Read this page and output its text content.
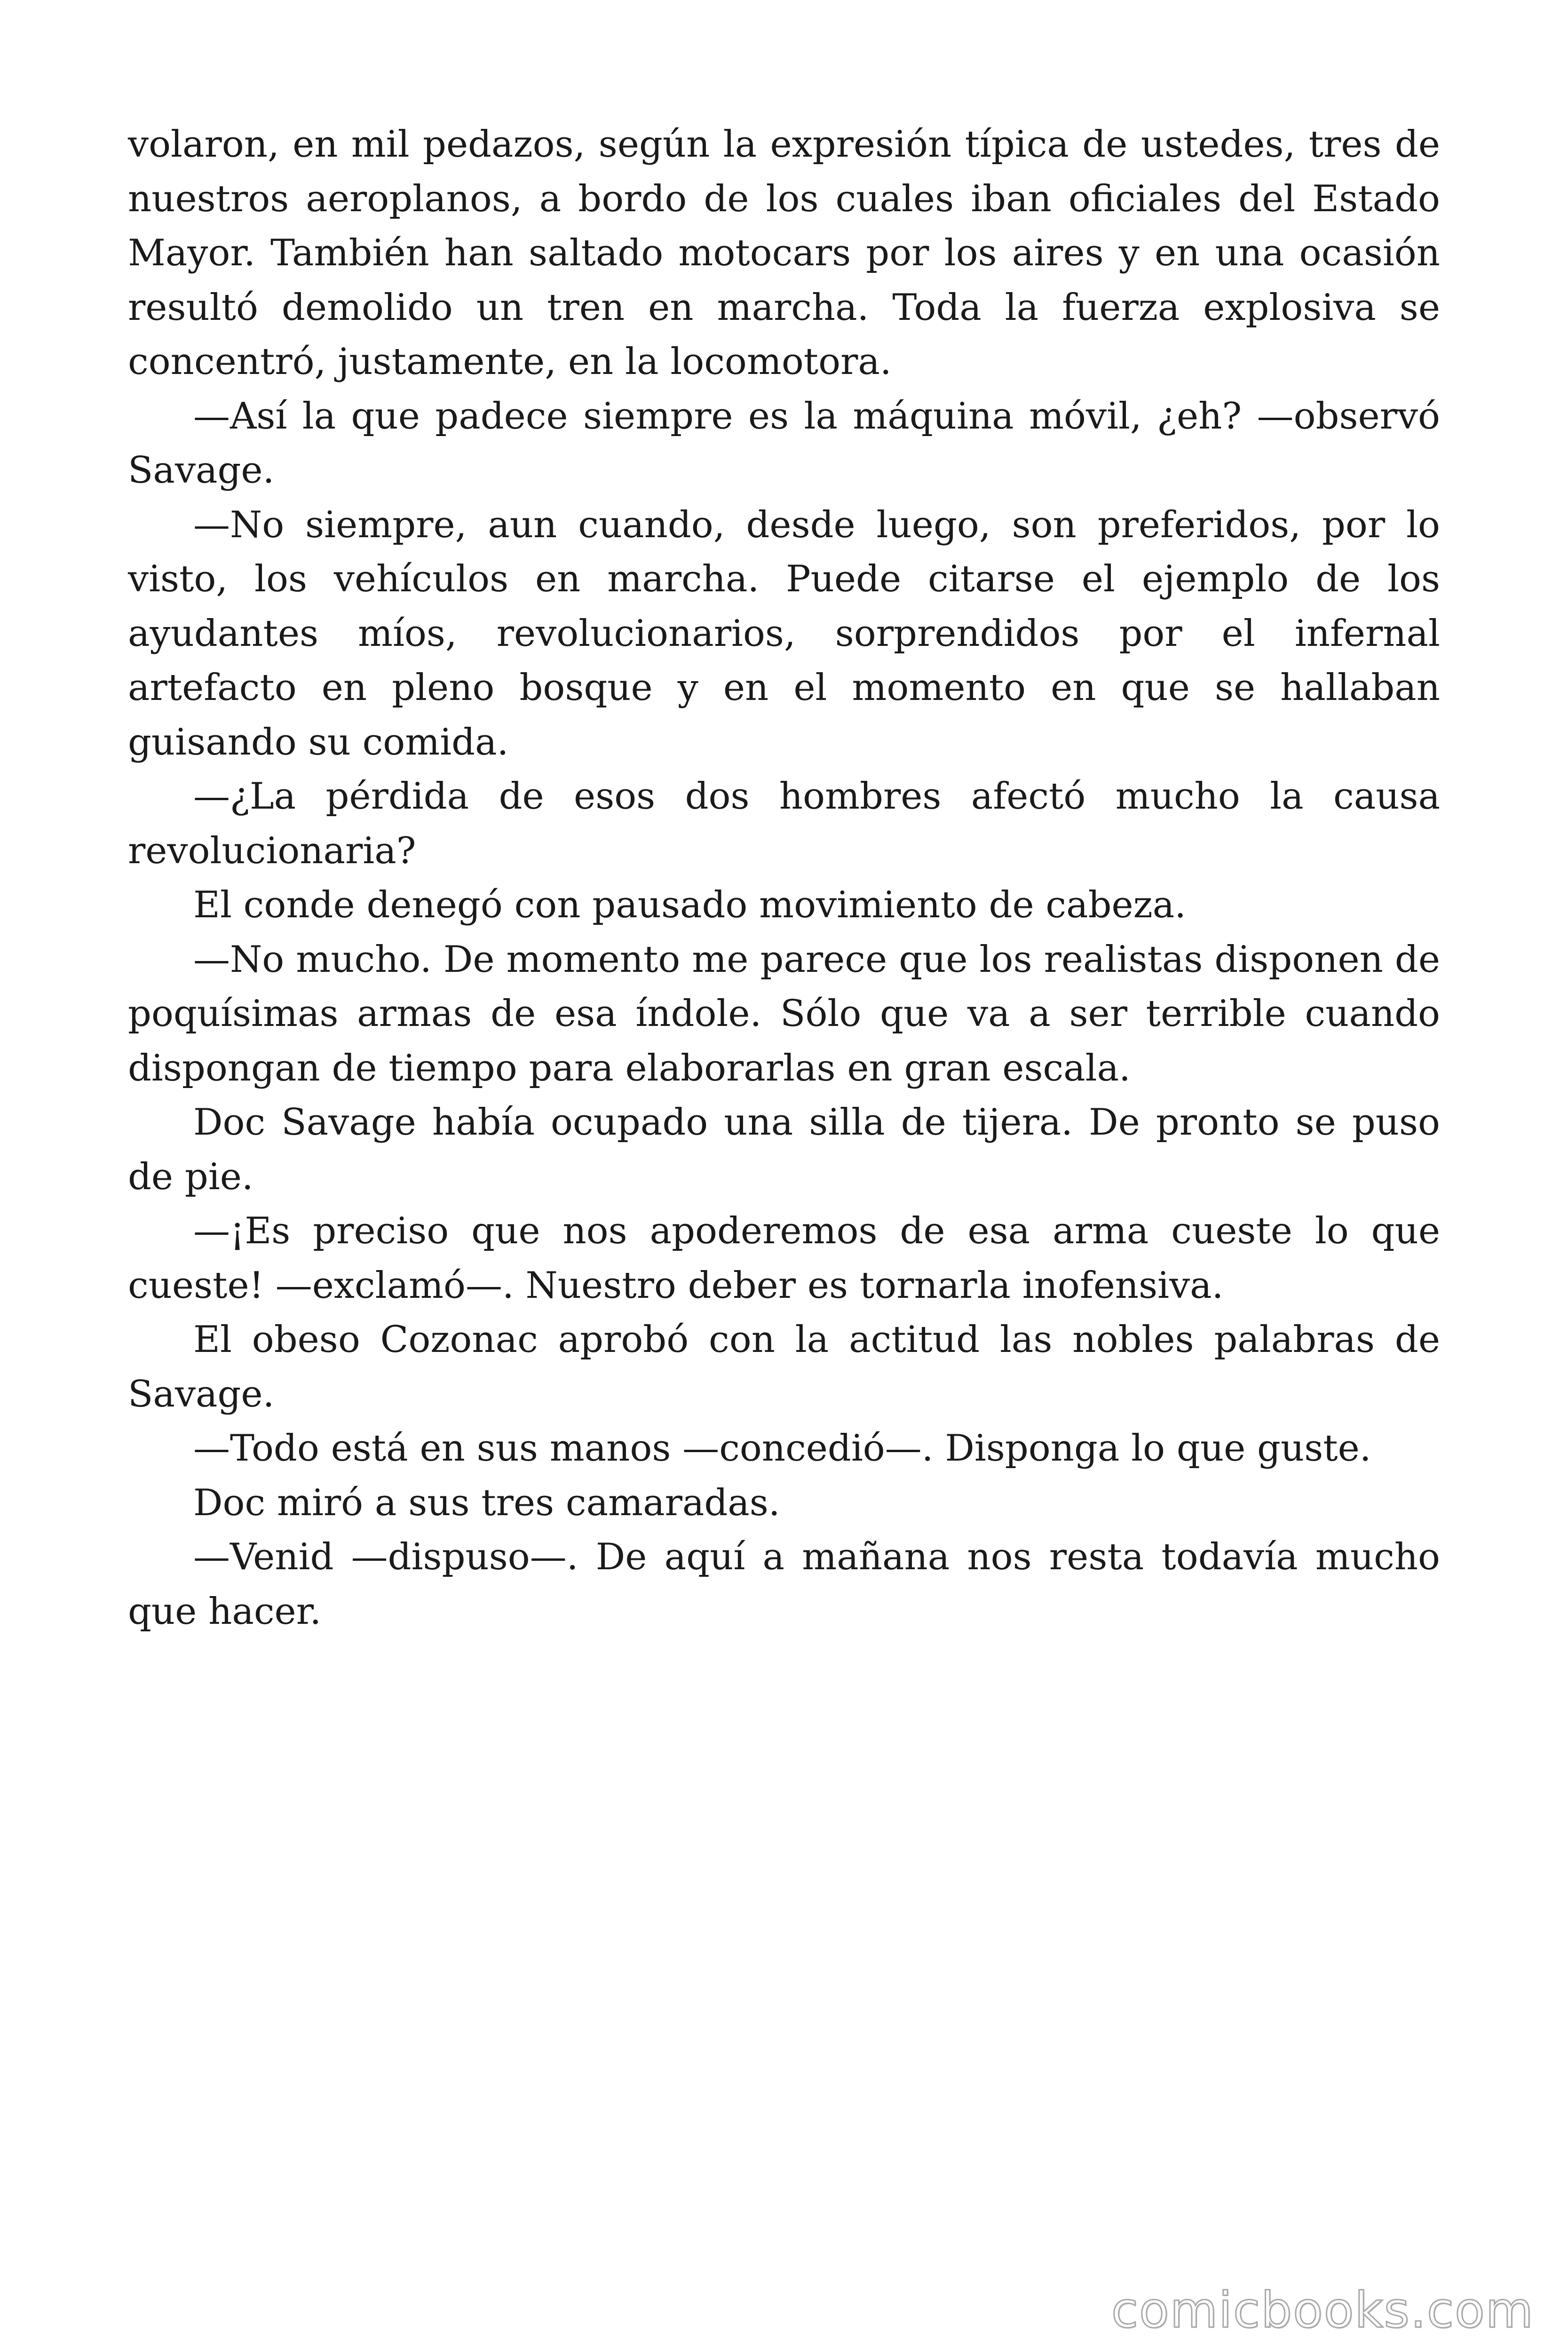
volaron, en mil pedazos, según la expresión típica de ustedes, tres de nuestros aeroplanos, a bordo de los cuales iban oficiales del Estado Mayor. También han saltado motocars por los aires y en una ocasión resultó demolido un tren en marcha. Toda la fuerza explosiva se concentró, justamente, en la locomotora.

—Así la que padece siempre es la máquina móvil, ¿eh? —observó Savage.

—No siempre, aun cuando, desde luego, son preferidos, por lo visto, los vehículos en marcha. Puede citarse el ejemplo de los ayudantes míos, revolucionarios, sorprendidos por el infernal artefacto en pleno bosque y en el momento en que se hallaban guisando su comida.

—¿La pérdida de esos dos hombres afectó mucho la causa revolucionaria?

El conde denegó con pausado movimiento de cabeza.

—No mucho. De momento me parece que los realistas disponen de poquísimas armas de esa índole. Sólo que va a ser terrible cuando dispongan de tiempo para elaborarlas en gran escala.

Doc Savage había ocupado una silla de tijera. De pronto se puso de pie.

—¡Es preciso que nos apoderemos de esa arma cueste lo que cueste! —exclamó—. Nuestro deber es tornarla inofensiva.

El obeso Cozonac aprobó con la actitud las nobles palabras de Savage.

—Todo está en sus manos —concedió—. Disponga lo que guste.

Doc miró a sus tres camaradas.

—Venid —dispuso—. De aquí a mañana nos resta todavía mucho que hacer.

comicbooks.com
